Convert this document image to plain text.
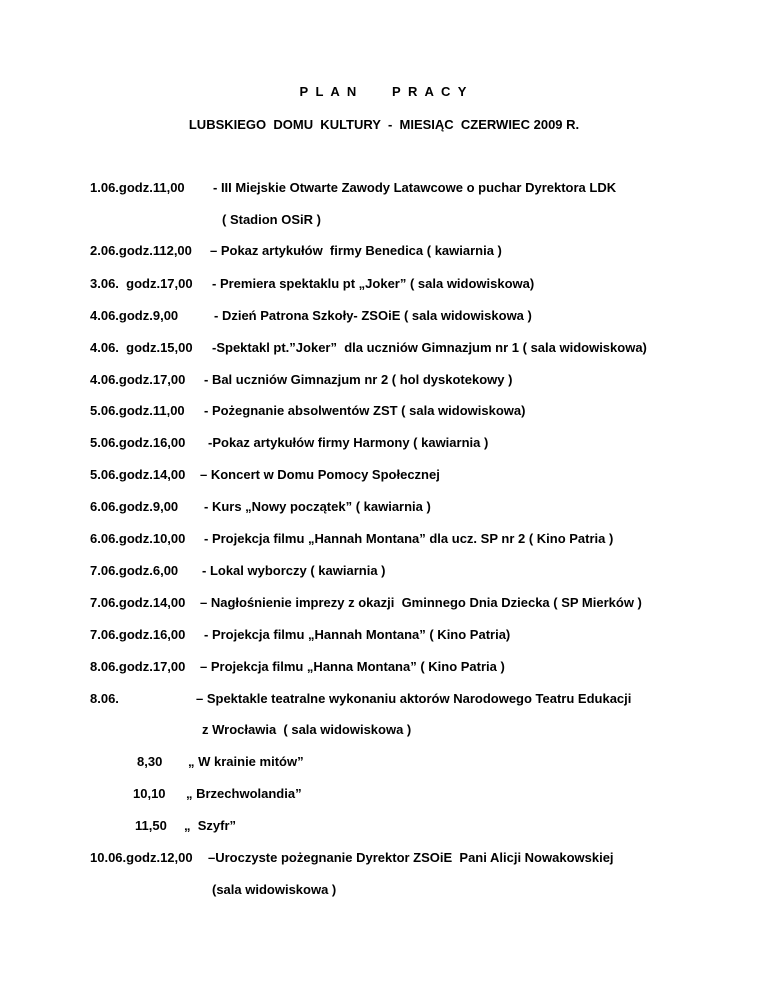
P L A N      P R A C Y
LUBSKIEGO  DOMU  KULTURY  -  MIESIĄC  CZERWIEC 2009 R.
1.06.godz.11,00 - III Miejskie Otwarte Zawody Latawcowe o puchar Dyrektora LDK
( Stadion OSiR )
2.06.godz.112,00 – Pokaz artykułów  firmy Benedica ( kawiarnia )
3.06.  godz.17,00 - Premiera spektaklu pt „Joker” ( sala widowiskowa)
4.06.godz.9,00	- Dzień Patrona Szkoły- ZSOiE ( sala widowiskowa )
4.06.  godz.15,00 -Spektakl pt.”Joker”  dla uczniów Gimnazjum nr 1 ( sala widowiskowa)
4.06.godz.17,00 - Bal uczniów Gimnazjum nr 2 ( hol dyskotekowy )
5.06.godz.11,00 - Pożegnanie absolwentów ZST ( sala widowiskowa)
5.06.godz.16,00 -Pokaz artykułów firmy Harmony ( kawiarnia )
5.06.godz.14,00 – Koncert w Domu Pomocy Społecznej
6.06.godz.9,00 - Kurs „Nowy początek” ( kawiarnia )
6.06.godz.10,00 - Projekcja filmu „Hannah Montana” dla ucz. SP nr 2 ( Kino Patria )
7.06.godz.6,00 - Lokal wyborczy ( kawiarnia )
7.06.godz.14,00 – Nagłośnienie imprezy z okazji  Gminnego Dnia Dziecka ( SP Mierków )
7.06.godz.16,00 - Projekcja filmu „Hannah Montana” ( Kino Patria)
8.06.godz.17,00 – Projekcja filmu „Hanna Montana” ( Kino Patria )
8.06.	– Spektakle teatralne wykonaniu aktorów Narodowego Teatru Edukacji
z Wrocławia  ( sala widowiskowa )
8,30 „ W krainie mitów”
10,10 „ Brzechwolandia”
11,50 „  Szyfr”
10.06.godz.12,00 –Uroczyste pożegnanie Dyrektor ZSOiE  Pani Alicji Nowakowskiej
(sala widowiskowa )
